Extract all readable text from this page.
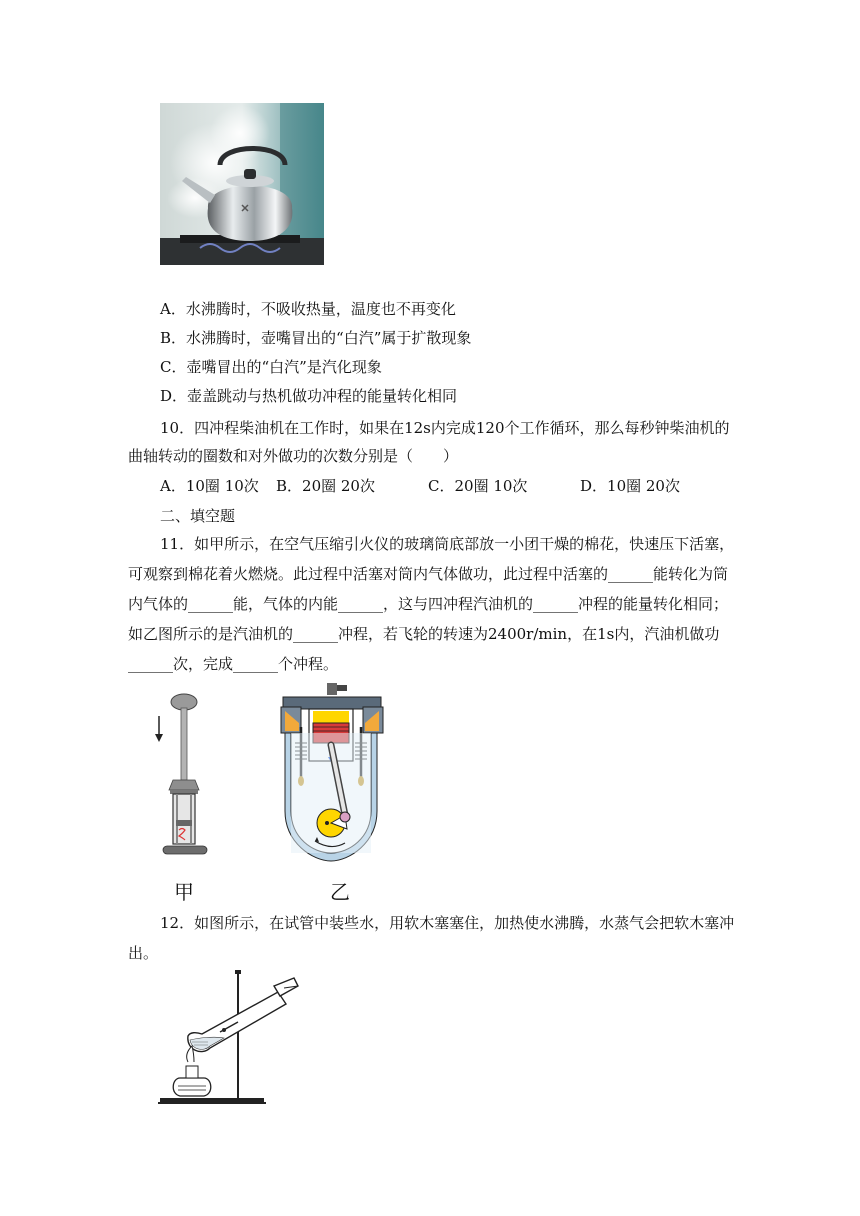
A．水沸腾时，不吸收热量，温度也不再变化
B．水沸腾时，壶嘴冒出的“白汽”属于扩散现象
C．壶嘴冒出的“白汽”是汽化现象
D．壶盖跳动与热机做功冲程的能量转化相同
10．四冲程柴油机在工作时，如果在12s内完成120个工作循环，那么每秒钟柴油机的
曲轴转动的圈数和对外做功的次数分别是（　　）
A．10圈 10次 B．20圈 20次	C．20圈 10次	D．10圈 20次
二、填空题
11．如甲所示，在空气压缩引火仪的玻璃筒底部放一小团干燥的棉花，快速压下活塞，
可观察到棉花着火燃烧。此过程中活塞对筒内气体做功，此过程中活塞的______能转化为筒
内气体的______能，气体的内能______，这与四冲程汽油机的______冲程的能量转化相同；
如乙图所示的是汽油机的______冲程，若飞轮的转速为2400r/min，在1s内，汽油机做功
______次，完成______个冲程。
甲	乙
12．如图所示，在试管中装些水，用软木塞塞住，加热使水沸腾，水蒸气会把软木塞冲
出。
